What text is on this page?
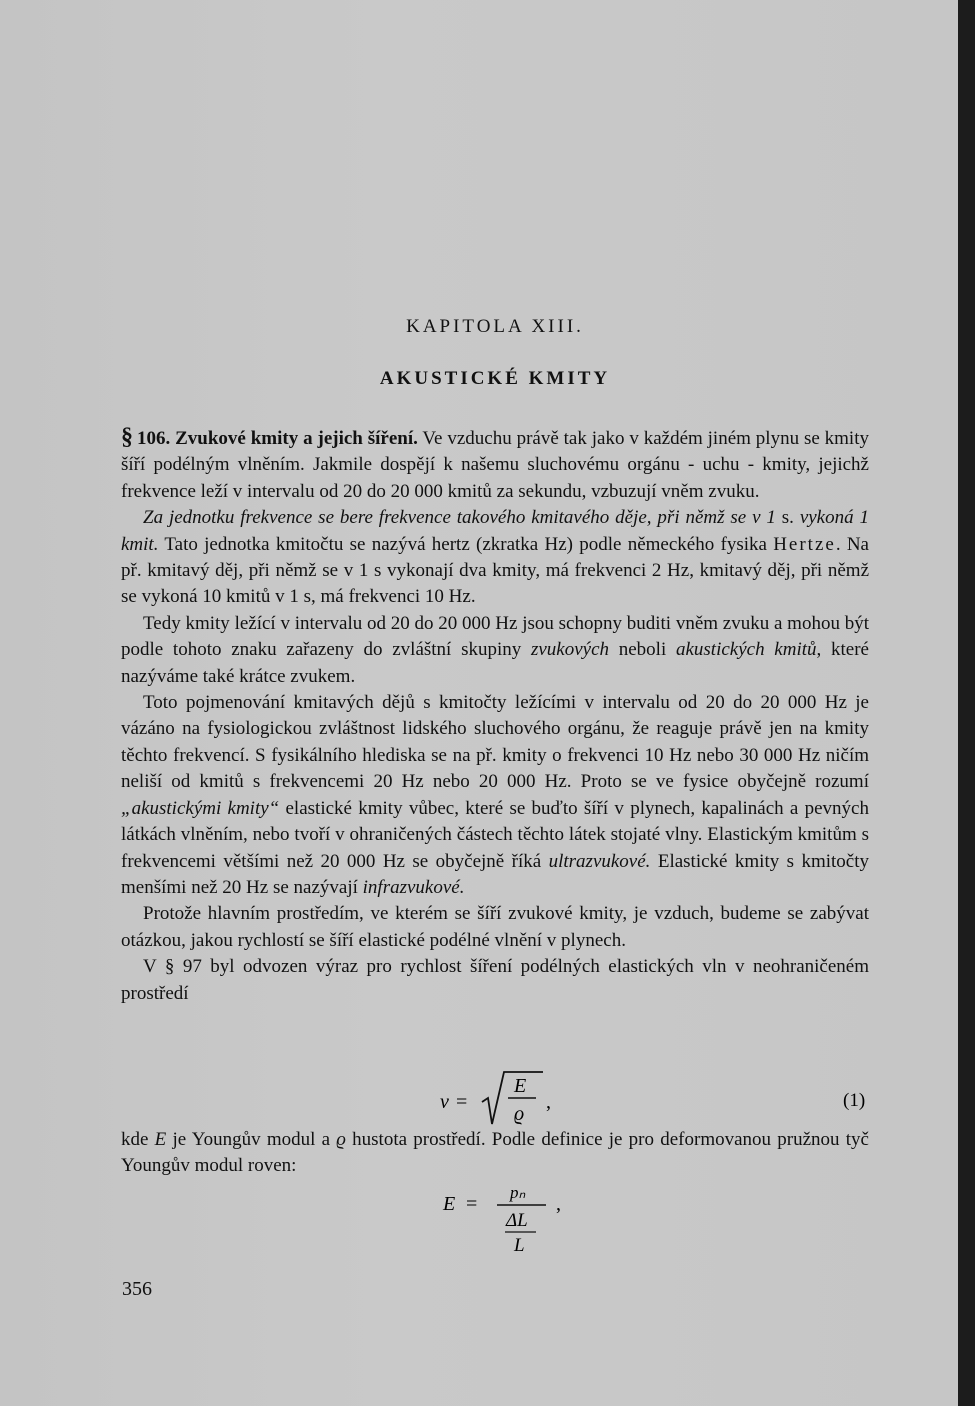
KAPITOLA XIII.
AKUSTICKÉ KMITY

§ 106. Zvukové kmity a jejich šíření. Ve vzduchu právě tak jako v každém jiném plynu se kmity šíří podélným vlněním. Jakmile dospějí k našemu sluchovému orgánu - uchu - kmity, jejichž frekvence leží v intervalu od 20 do 20 000 kmitů za sekundu, vzbuzují vněm zvuku.

Za jednotku frekvence se bere frekvence takového kmitavého děje, při němž se v 1 s. vykoná 1 kmit. Tato jednotka kmitočtu se nazývá hertz (zkratka Hz) podle německého fysika Hertze. Na př. kmitavý děj, při němž se v 1 s vykonají dva kmity, má frekvenci 2 Hz, kmitavý děj, při němž se vykoná 10 kmitů v 1 s, má frekvenci 10 Hz.

Tedy kmity ležící v intervalu od 20 do 20 000 Hz jsou schopny buditi vněm zvuku a mohou být podle tohoto znaku zařazeny do zvláštní skupiny zvukových neboli akustických kmitů, které nazýváme také krátce zvukem.

Toto pojmenování kmitavých dějů s kmitočty ležícími v intervalu od 20 do 20 000 Hz je vázáno na fysiologickou zvláštnost lidského sluchového orgánu, že reaguje právě jen na kmity těchto frekvencí. S fysikálního hlediska se na př. kmity o frekvenci 10 Hz nebo 30 000 Hz ničím neliší od kmitů s frekvencemi 20 Hz nebo 20 000 Hz. Proto se ve fysice obyčejně rozumí „akustickými kmity“ elastické kmity vůbec, které se buďto šíří v plynech, kapalinách a pevných látkách vlněním, nebo tvoří v ohraničených částech těchto látek stojaté vlny. Elastickým kmitům s frekvencemi většími než 20 000 Hz se obyčejně říká ultrazvukové. Elastické kmity s kmitočty menšími než 20 Hz se nazývají infrazvukové.

Protože hlavním prostředím, ve kterém se šíří zvukové kmity, je vzduch, budeme se zabývat otázkou, jakou rychlostí se šíří elastické podélné vlnění v plynech.

V § 97 byl odvozen výraz pro rychlost šíření podélných elastických vln v neohraničeném prostředí

v =
E
ϱ
,	(1)

kde E je Youngův modul a ϱ hustota prostředí. Podle definice je pro deformovanou pružnou tyč Youngův modul roven:

E =
pₙ
ΔL
L
,
356
